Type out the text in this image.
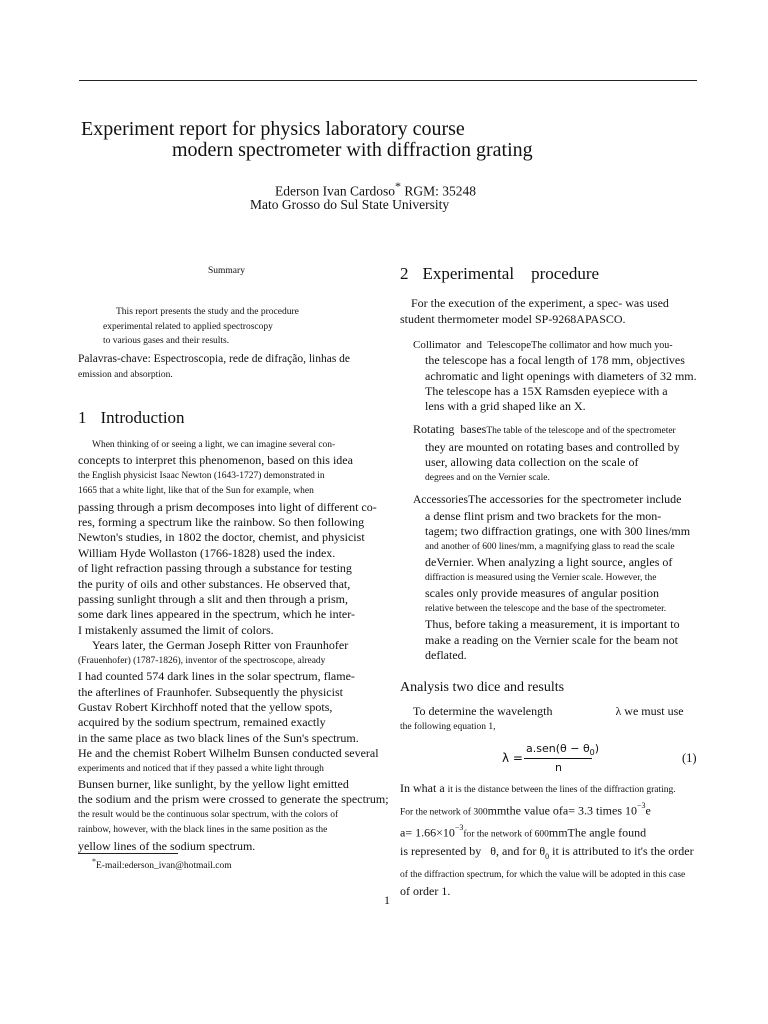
Experiment report for physics laboratory course
modern spectrometer with diffraction grating
Ederson Ivan Cardoso* RGM: 35248
Mato Grosso do Sul State University
Summary
This report presents the study and the procedure
experimental related to applied spectroscopy
to various gases and their results.
Palavras-chave: Espectroscopia, rede de difração, linhas de
emission and absorption.
1 Introduction
When thinking of or seeing a light, we can imagine several con-
concepts to interpret this phenomenon, based on this idea
the English physicist Isaac Newton (1643-1727) demonstrated in
1665 that a white light, like that of the Sun for example, when
passing through a prism decomposes into light of different co-
res, forming a spectrum like the rainbow. So then following
Newton's studies, in 1802 the doctor, chemist, and physicist
William Hyde Wollaston (1766-1828) used the index.
of light refraction passing through a substance for testing
the purity of oils and other substances. He observed that,
passing sunlight through a slit and then through a prism,
some dark lines appeared in the spectrum, which he inter-
I mistakenly assumed the limit of colors.
Years later, the German Joseph Ritter von Fraunhofer
(Frauenhofer) (1787-1826), inventor of the spectroscope, already
I had counted 574 dark lines in the solar spectrum, flame-
the afterlines of Fraunhofer. Subsequently the physicist
Gustav Robert Kirchhoff noted that the yellow spots,
acquired by the sodium spectrum, remained exactly
in the same place as two black lines of the Sun's spectrum.
He and the chemist Robert Wilhelm Bunsen conducted several
experiments and noticed that if they passed a white light through
Bunsen burner, like sunlight, by the yellow light emitted
the sodium and the prism were crossed to generate the spectrum;
the result would be the continuous solar spectrum, with the colors of
rainbow, however, with the black lines in the same position as the
yellow lines of the sodium spectrum.
*E-mail:ederson_ivan@hotmail.com
2 Experimental    procedure
For the execution of the experiment, a spec- was used
student thermometer model SP-9268APASCO.
Collimator  and  TelescopeThe collimator and how much you-
the telescope has a focal length of 178 mm, objectives
achromatic and light openings with diameters of 32 mm.
The telescope has a 15X Ramsden eyepiece with a
lens with a grid shaped like an X.
Rotating  basesThe table of the telescope and of the spectrometer
they are mounted on rotating bases and controlled by
user, allowing data collection on the scale of
degrees and on the Vernier scale.
AccessoriesThe accessories for the spectrometer include
a dense flint prism and two brackets for the mon-
tagem; two diffraction gratings, one with 300 lines/mm
and another of 600 lines/mm, a magnifying glass to read the scale
deVernier. When analyzing a light source, angles of
diffraction is measured using the Vernier scale. However, the
scales only provide measures of angular position
relative between the telescope and the base of the spectrometer.
Thus, before taking a measurement, it is important to
make a reading on the Vernier scale for the beam not
deflated.
Analysis two dice and results
To determine the wavelength	λ we must use
the following equation 1,
λ =
$a.sen(\theta - \theta_0)$
n
(1)
In what a it is the distance between the lines of the diffraction grating.
For the network of 300mmthe value ofa= 3.3 times $10^{-3}e$
$a= 1.66\times 10^{-3}for$ the network of 600mmThe angle found
is represented by   θ, and for $\theta_0$ it is attributed to it's the order
of the diffraction spectrum, for which the value will be adopted in this case
of order 1.
1
